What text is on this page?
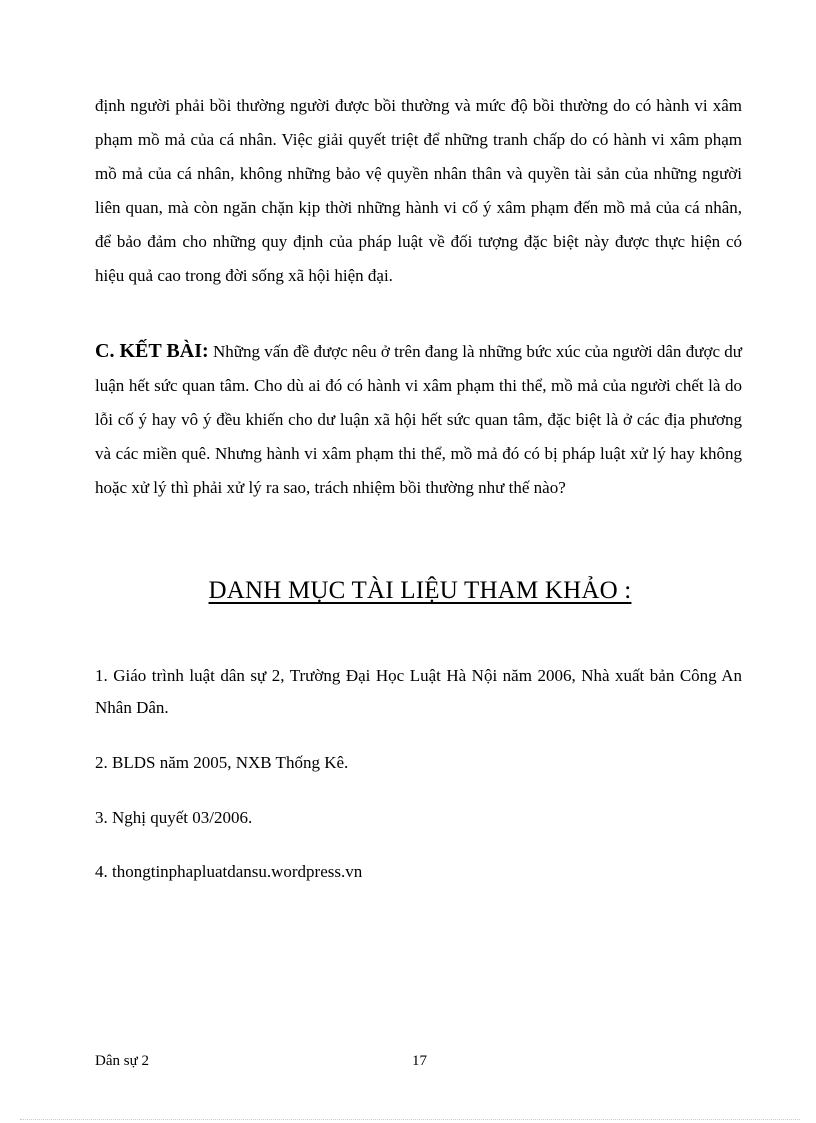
định người phải bồi thường người được bồi thường và mức độ bồi thường do có hành vi xâm phạm mồ mả của cá nhân. Việc giải quyết triệt để những tranh chấp do có hành vi xâm phạm mồ mả của cá nhân, không những bảo vệ quyền nhân thân và quyền tài sản của những người liên quan, mà còn ngăn chặn kịp thời những hành vi cố ý xâm phạm đến mồ mả của cá nhân, để bảo đảm cho những quy định của pháp luật về đối tượng đặc biệt này được thực hiện có hiệu quả cao trong đời sống xã hội hiện đại.

C. KẾT BÀI: Những vấn đề được nêu ở trên đang là những bức xúc của người dân được dư luận hết sức quan tâm. Cho dù ai đó có hành vi xâm phạm thi thể, mồ mả của người chết là do lỗi cố ý hay vô ý đều khiến cho dư luận xã hội hết sức quan tâm, đặc biệt là ở các địa phương và các miền quê. Nhưng hành vi xâm phạm thi thể, mồ mả đó có bị pháp luật xử lý hay không hoặc xử lý thì phải xử lý ra sao, trách nhiệm bồi thường như thế nào?

DANH MỤC TÀI LIỆU THAM KHẢO :

1. Giáo trình luật dân sự 2, Trường Đại Học Luật Hà Nội năm 2006, Nhà xuất bản Công An Nhân Dân.

2. BLDS năm 2005, NXB Thống Kê.

3. Nghị quyết 03/2006.

4. thongtinphapluatdansu.wordpress.vn

Dân sự 2	17
